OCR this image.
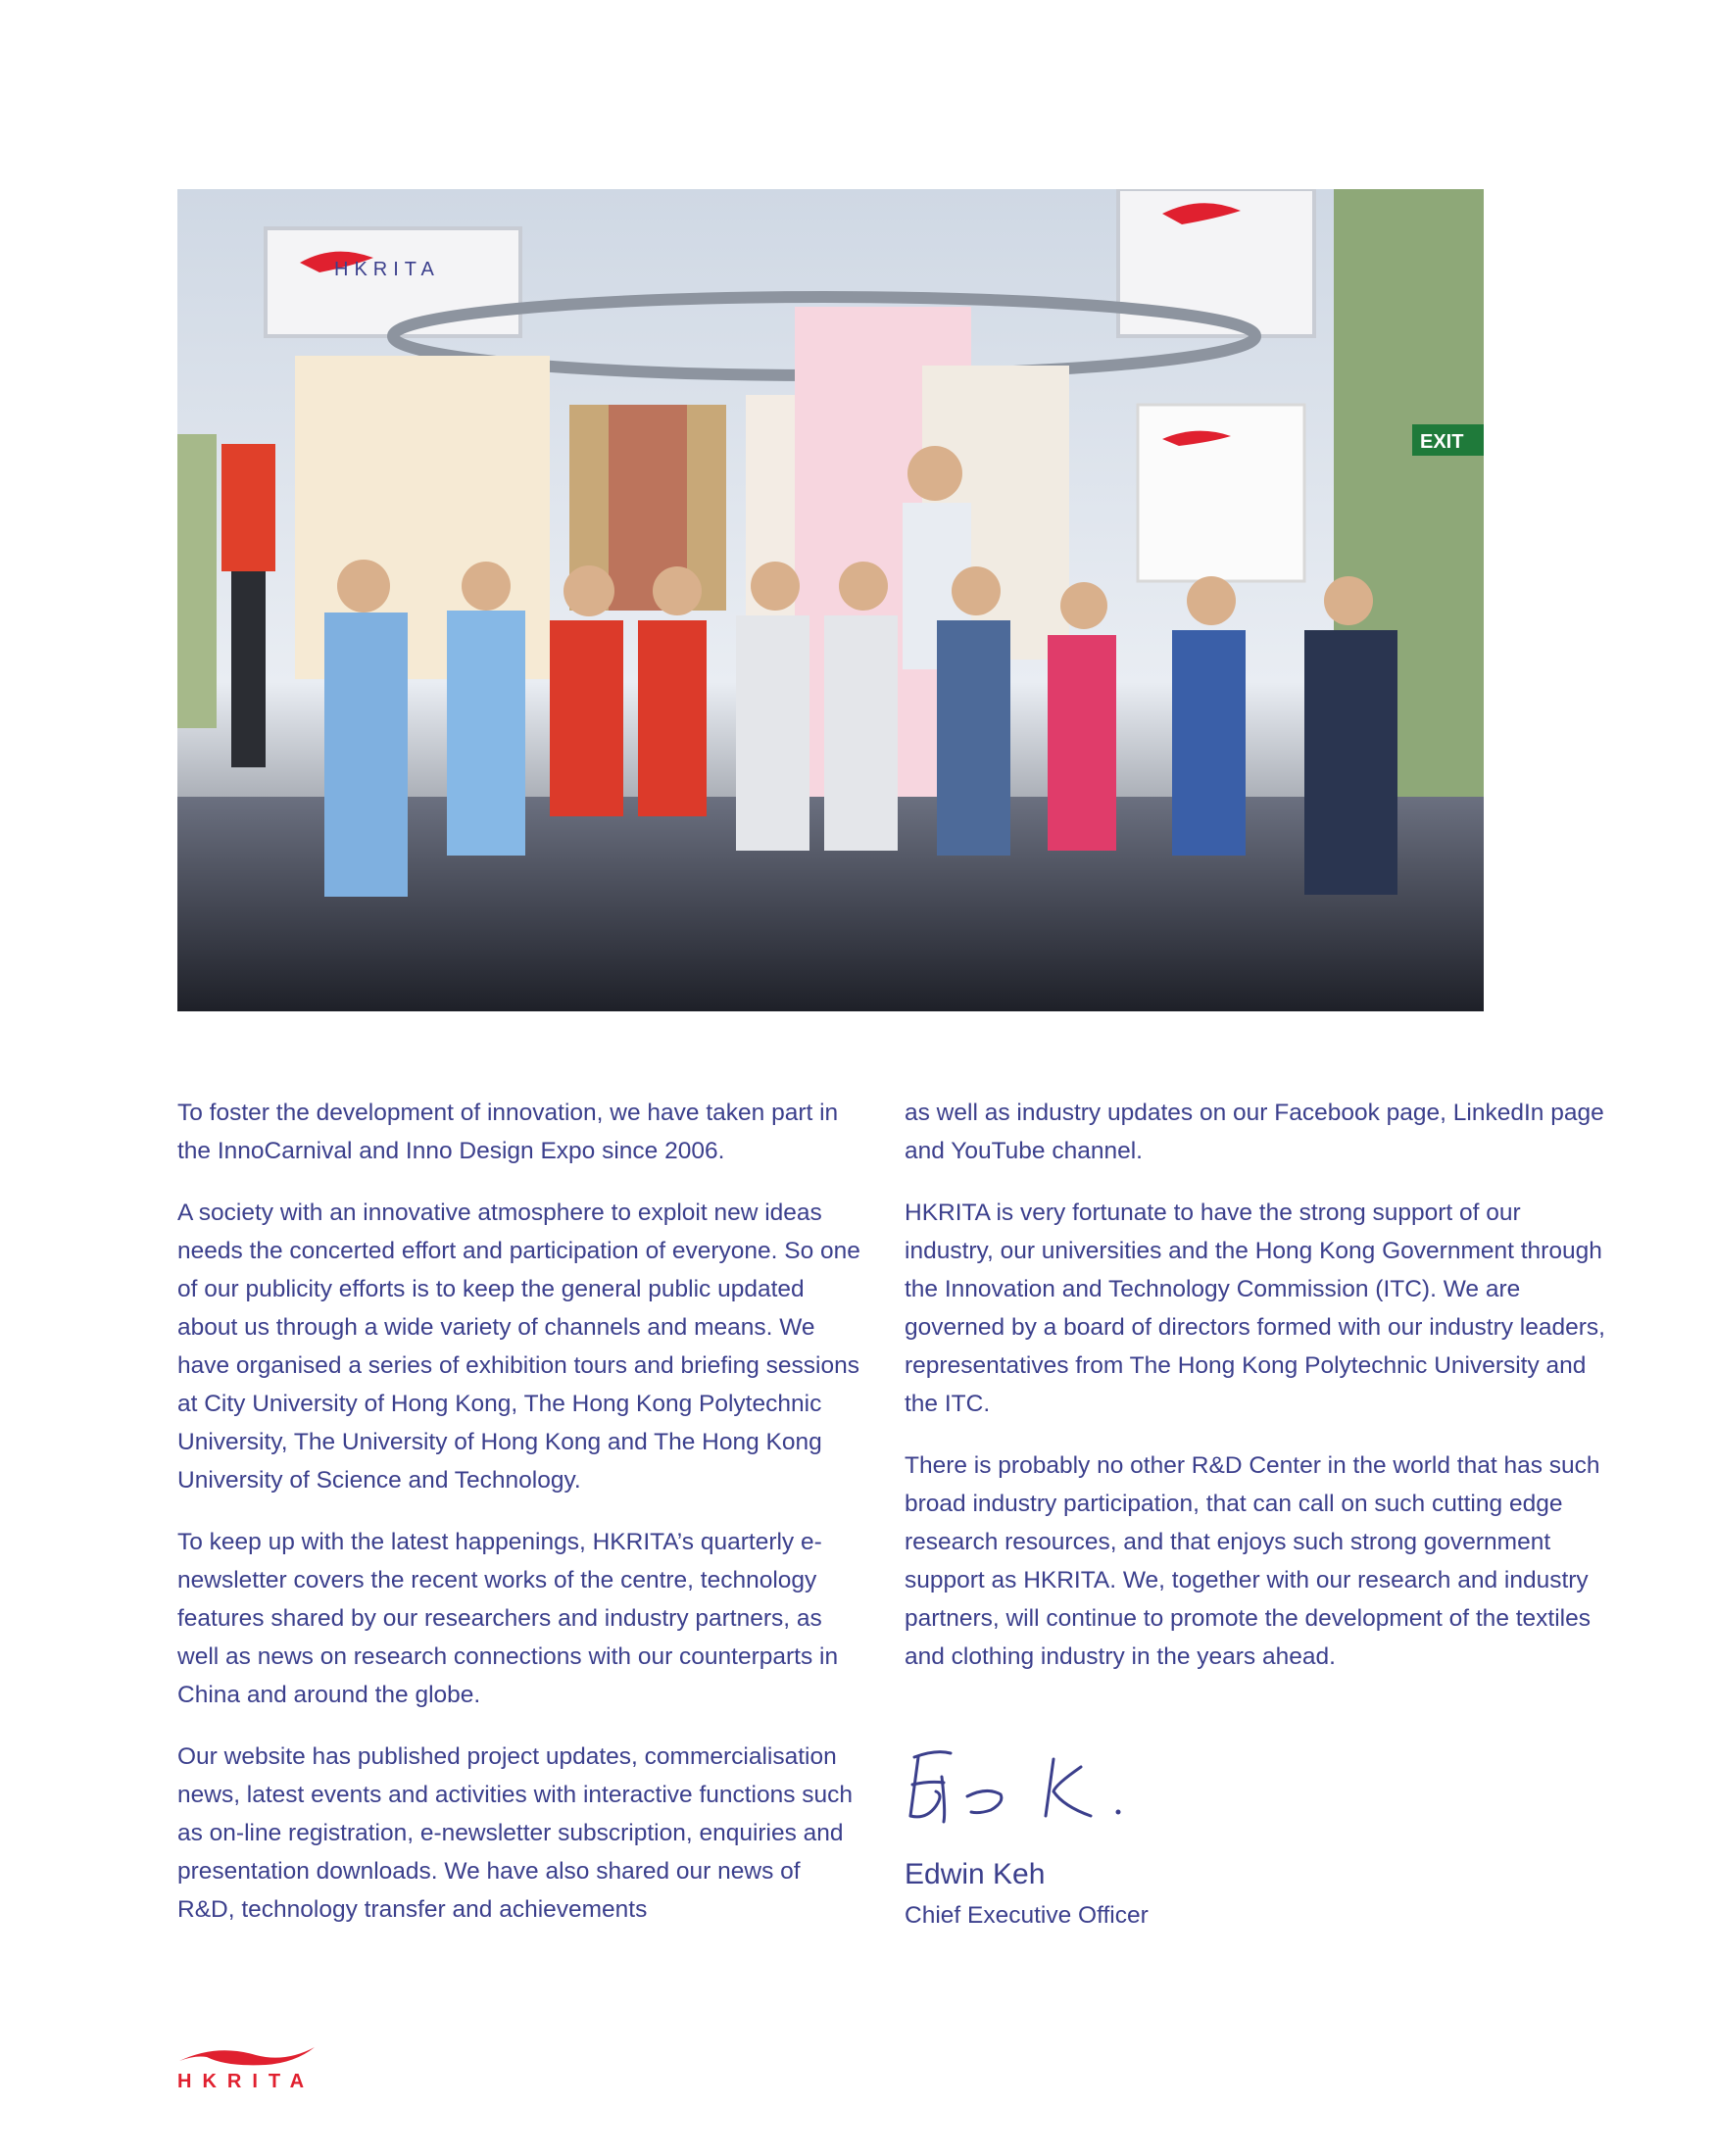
HKRITA
EXIT

To foster the development of innovation, we have taken part in the InnoCarnival and Inno Design Expo since 2006.

A society with an innovative atmosphere to exploit new ideas needs the concerted effort and participation of everyone. So one of our publicity efforts is to keep the general public updated about us through a wide variety of channels and means. We have organised a series of exhibition tours and briefing sessions at City University of Hong Kong, The Hong Kong Polytechnic University, The University of Hong Kong and The Hong Kong University of Science and Technology.

To keep up with the latest happenings, HKRITA’s quarterly e-newsletter covers the recent works of the centre, technology features shared by our researchers and industry partners, as well as news on research connections with our counterparts in China and around the globe.

Our website has published project updates, commercialisation news, latest events and activities with interactive functions such as on-line registration, e-newsletter subscription, enquiries and presentation downloads. We have also shared our news of R&D, technology transfer and achievements

as well as industry updates on our Facebook page, LinkedIn page and YouTube channel.

HKRITA is very fortunate to have the strong support of our industry, our universities and the Hong Kong Government through the Innovation and Technology Commission (ITC). We are governed by a board of directors formed with our industry leaders, representatives from The Hong Kong Polytechnic University and the ITC.

There is probably no other R&D Center in the world that has such broad industry participation, that can call on such cutting edge research resources, and that enjoys such strong government support as HKRITA. We, together with our research and industry partners, will continue to promote the development of the textiles and clothing industry in the years ahead.

Edwin Keh
Chief Executive Officer
HKRITA
